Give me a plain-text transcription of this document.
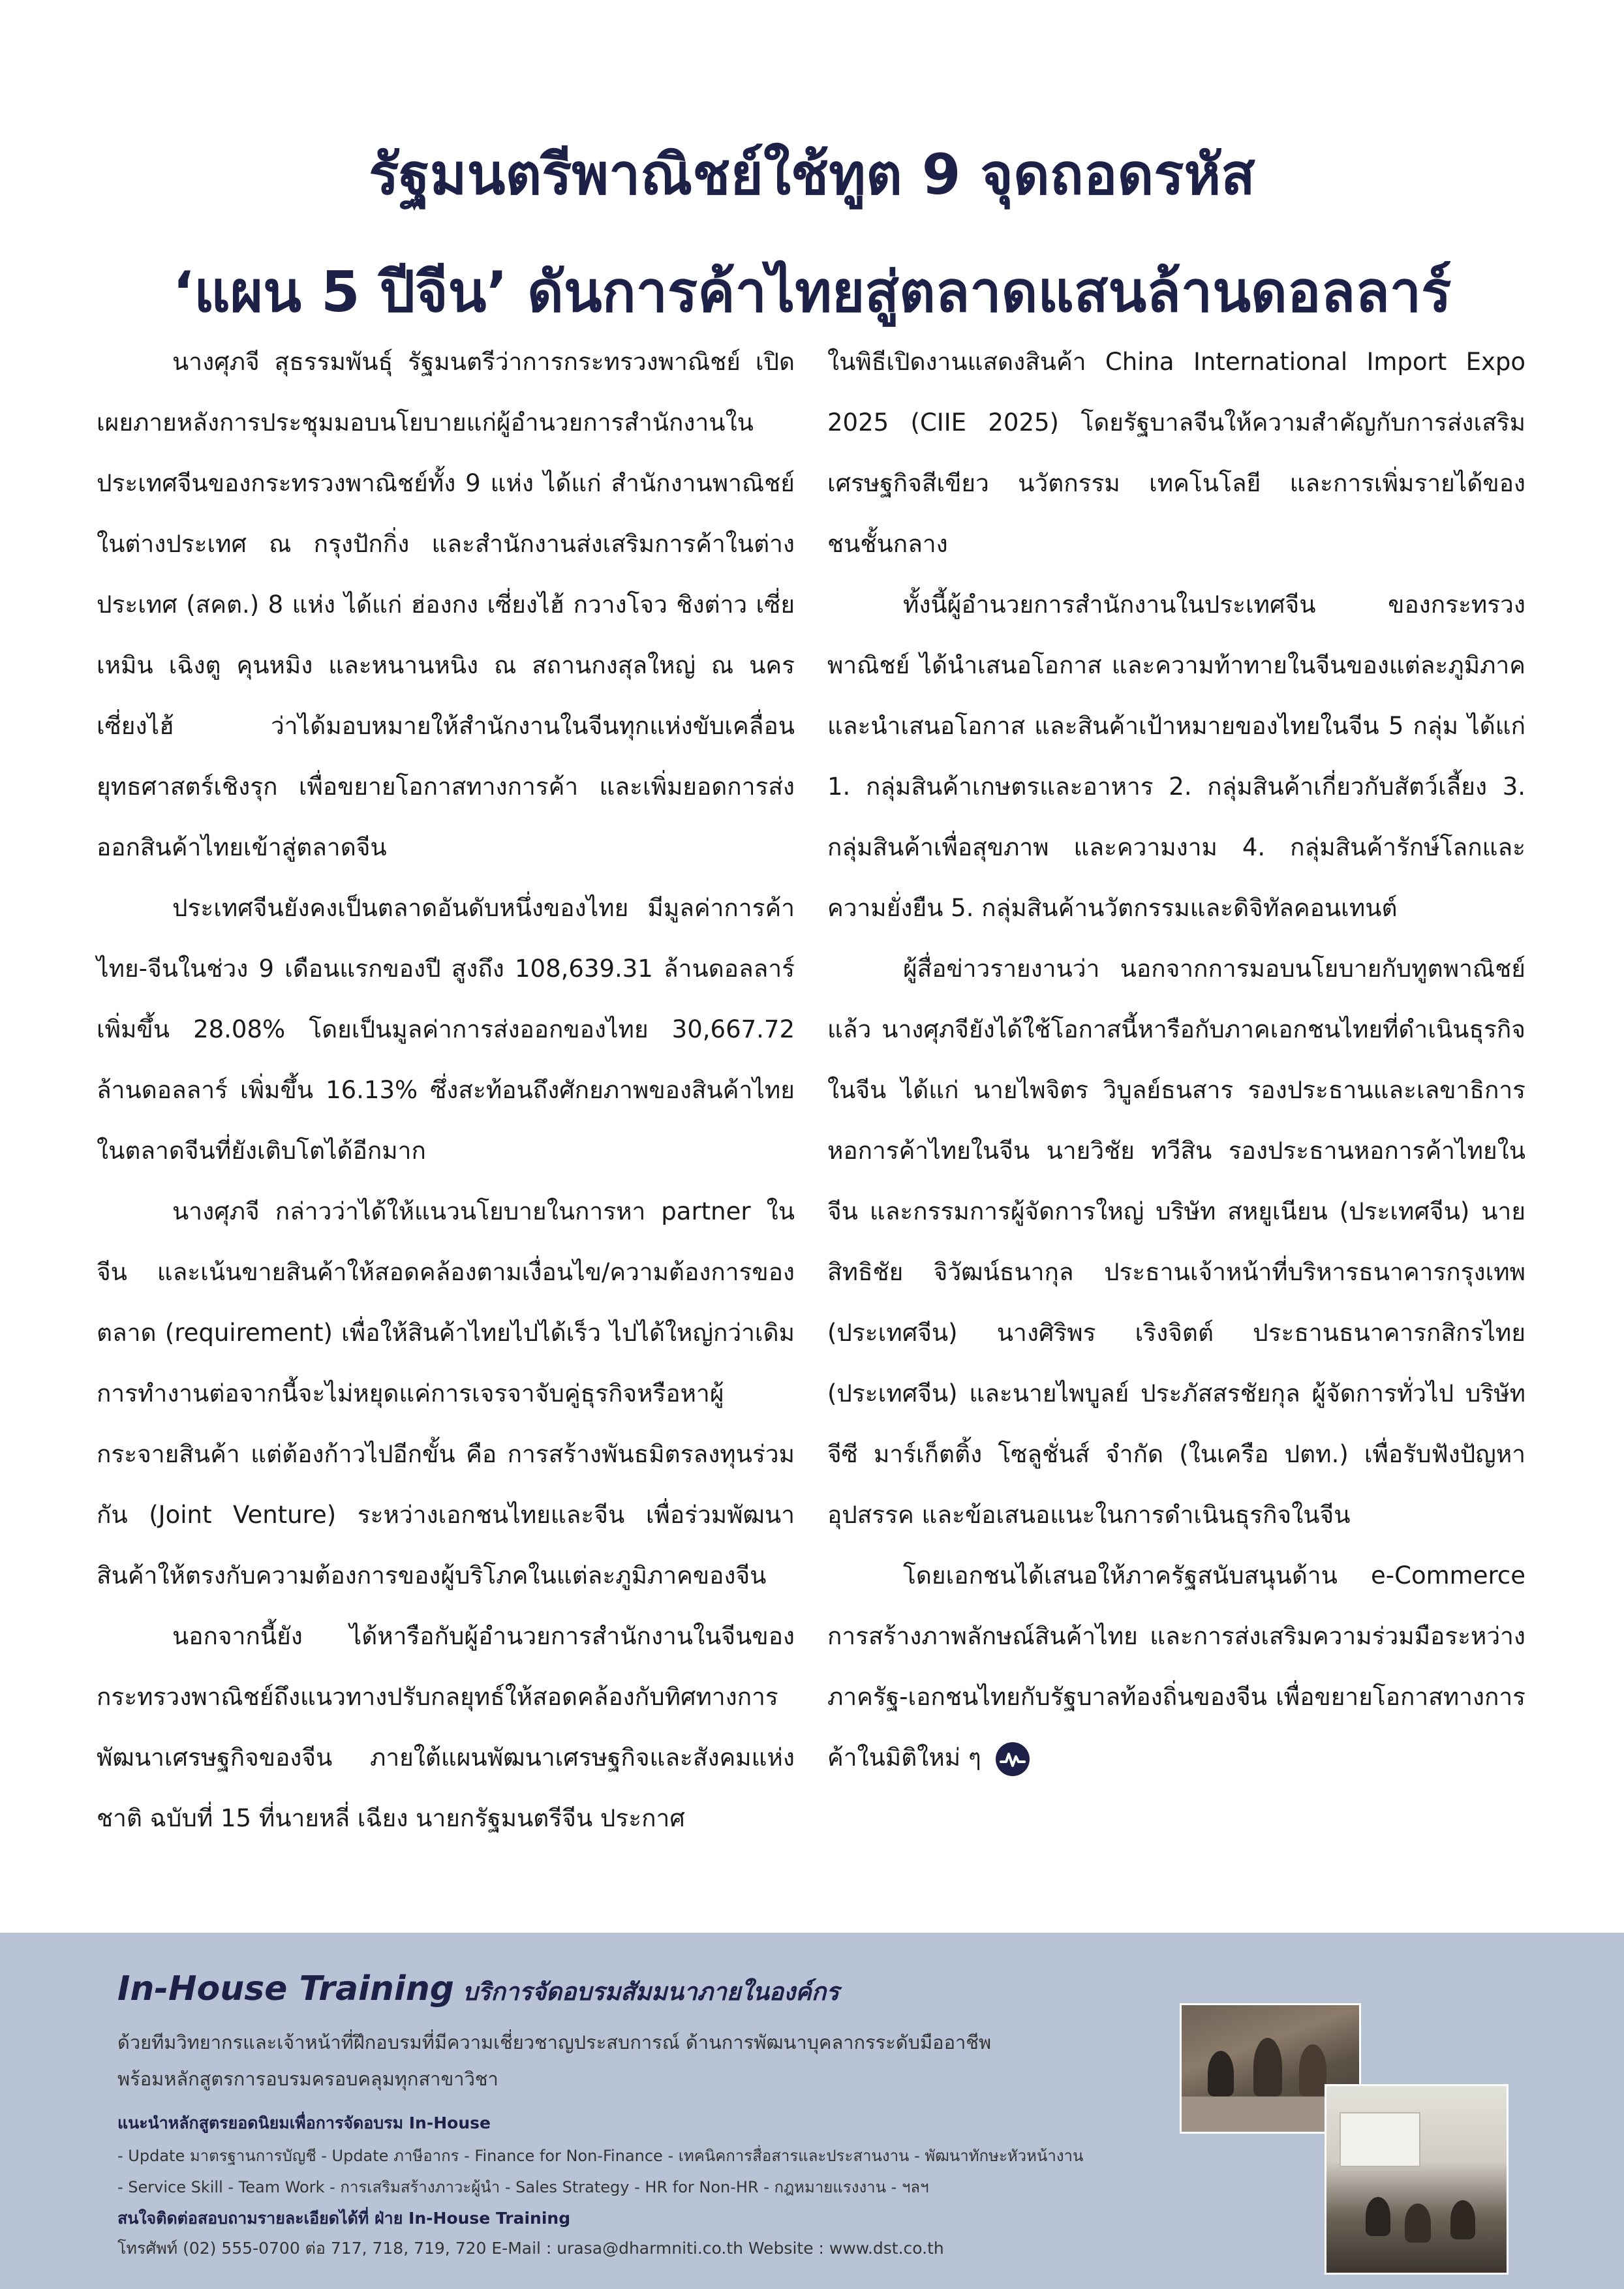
รัฐมนตรีพาณิชย์ใช้ทูต 9 จุดถอดรหัส
‘แผน 5 ปีจีน’ ดันการค้าไทยสู่ตลาดแสนล้านดอลลาร์

นางศุภจี สุธรรมพันธุ์ รัฐมนตรีว่าการกระทรวงพาณิชย์ เปิดเผยภายหลังการประชุมมอบนโยบายแก่ผู้อำนวยการสำนักงานในประเทศจีนของกระทรวงพาณิชย์ทั้ง 9 แห่ง ได้แก่ สำนักงานพาณิชย์ในต่างประเทศ ณ กรุงปักกิ่ง และสำนักงานส่งเสริมการค้าในต่างประเทศ (สคต.) 8 แห่ง ได้แก่ ฮ่องกง เซี่ยงไฮ้ กวางโจว ชิงต่าว เซี่ยเหมิน เฉิงตู คุนหมิง และหนานหนิง ณ สถานกงสุลใหญ่ ณ นครเซี่ยงไฮ้ ว่าได้มอบหมายให้สำนักงานในจีนทุกแห่งขับเคลื่อนยุทธศาสตร์เชิงรุก เพื่อขยายโอกาสทางการค้า และเพิ่มยอดการส่งออกสินค้าไทยเข้าสู่ตลาดจีน

ประเทศจีนยังคงเป็นตลาดอันดับหนึ่งของไทย มีมูลค่าการค้าไทย-จีนในช่วง 9 เดือนแรกของปี สูงถึง 108,639.31 ล้านดอลลาร์ เพิ่มขึ้น 28.08% โดยเป็นมูลค่าการส่งออกของไทย 30,667.72 ล้านดอลลาร์ เพิ่มขึ้น 16.13% ซึ่งสะท้อนถึงศักยภาพของสินค้าไทยในตลาดจีนที่ยังเติบโตได้อีกมาก

นางศุภจี กล่าวว่าได้ให้แนวนโยบายในการหา partner ในจีน และเน้นขายสินค้าให้สอดคล้องตามเงื่อนไข/ความต้องการของตลาด (requirement) เพื่อให้สินค้าไทยไปได้เร็ว ไปได้ใหญ่กว่าเดิม การทำงานต่อจากนี้จะไม่หยุดแค่การเจรจาจับคู่ธุรกิจหรือหาผู้กระจายสินค้า แต่ต้องก้าวไปอีกขั้น คือ การสร้างพันธมิตรลงทุนร่วมกัน (Joint Venture) ระหว่างเอกชนไทยและจีน เพื่อร่วมพัฒนาสินค้าให้ตรงกับความต้องการของผู้บริโภคในแต่ละภูมิภาคของจีน

นอกจากนี้ยัง ได้หารือกับผู้อำนวยการสำนักงานในจีนของกระทรวงพาณิชย์ถึงแนวทางปรับกลยุทธ์ให้สอดคล้องกับทิศทางการพัฒนาเศรษฐกิจของจีน ภายใต้แผนพัฒนาเศรษฐกิจและสังคมแห่งชาติ ฉบับที่ 15 ที่นายหลี่ เฉียง นายกรัฐมนตรีจีน ประกาศ

ในพิธีเปิดงานแสดงสินค้า China International Import Expo 2025 (CIIE 2025) โดยรัฐบาลจีนให้ความสำคัญกับการส่งเสริมเศรษฐกิจสีเขียว นวัตกรรม เทคโนโลยี และการเพิ่มรายได้ของชนชั้นกลาง

ทั้งนี้ผู้อำนวยการสำนักงานในประเทศจีน ของกระทรวงพาณิชย์ ได้นำเสนอโอกาส และความท้าทายในจีนของแต่ละภูมิภาค และนำเสนอโอกาส และสินค้าเป้าหมายของไทยในจีน 5 กลุ่ม ได้แก่ 1. กลุ่มสินค้าเกษตรและอาหาร 2. กลุ่มสินค้าเกี่ยวกับสัตว์เลี้ยง 3. กลุ่มสินค้าเพื่อสุขภาพ และความงาม 4. กลุ่มสินค้ารักษ์โลกและความยั่งยืน 5. กลุ่มสินค้านวัตกรรมและดิจิทัลคอนเทนต์

ผู้สื่อข่าวรายงานว่า นอกจากการมอบนโยบายกับทูตพาณิชย์แล้ว นางศุภจียังได้ใช้โอกาสนี้หารือกับภาคเอกชนไทยที่ดำเนินธุรกิจในจีน ได้แก่ นายไพจิตร วิบูลย์ธนสาร รองประธานและเลขาธิการ หอการค้าไทยในจีน นายวิชัย ทวีสิน รองประธานหอการค้าไทยในจีน และกรรมการผู้จัดการใหญ่ บริษัท สหยูเนียน (ประเทศจีน) นายสิทธิชัย จิวัฒน์ธนากุล ประธานเจ้าหน้าที่บริหารธนาคารกรุงเทพ (ประเทศจีน) นางศิริพร เริงจิตต์ ประธานธนาคารกสิกรไทย (ประเทศจีน) และนายไพบูลย์ ประภัสสรชัยกุล ผู้จัดการทั่วไป บริษัท จีซี มาร์เก็ตติ้ง โซลูชั่นส์ จำกัด (ในเครือ ปตท.) เพื่อรับฟังปัญหาอุปสรรค และข้อเสนอแนะในการดำเนินธุรกิจในจีน

โดยเอกชนได้เสนอให้ภาครัฐสนับสนุนด้าน e-Commerce การสร้างภาพลักษณ์สินค้าไทย และการส่งเสริมความร่วมมือระหว่างภาครัฐ-เอกชนไทยกับรัฐบาลท้องถิ่นของจีน เพื่อขยายโอกาสทางการค้าในมิติใหม่ ๆ

In-House Training บริการจัดอบรมสัมมนาภายในองค์กร
ด้วยทีมวิทยากรและเจ้าหน้าที่ฝึกอบรมที่มีความเชี่ยวชาญประสบการณ์ ด้านการพัฒนาบุคลากรระดับมืออาชีพ
พร้อมหลักสูตรการอบรมครอบคลุมทุกสาขาวิชา
แนะนำหลักสูตรยอดนิยมเพื่อการจัดอบรม In-House
- Update มาตรฐานการบัญชี - Update ภาษีอากร - Finance for Non-Finance - เทคนิคการสื่อสารและประสานงาน - พัฒนาทักษะหัวหน้างาน
- Service Skill - Team Work - การเสริมสร้างภาวะผู้นำ - Sales Strategy - HR for Non-HR - กฎหมายแรงงาน - ฯลฯ
สนใจติดต่อสอบถามรายละเอียดได้ที่ ฝ่าย In-House Training
โทรศัพท์ (02) 555-0700 ต่อ 717, 718, 719, 720 E-Mail : urasa@dharmniti.co.th Website : www.dst.co.th
